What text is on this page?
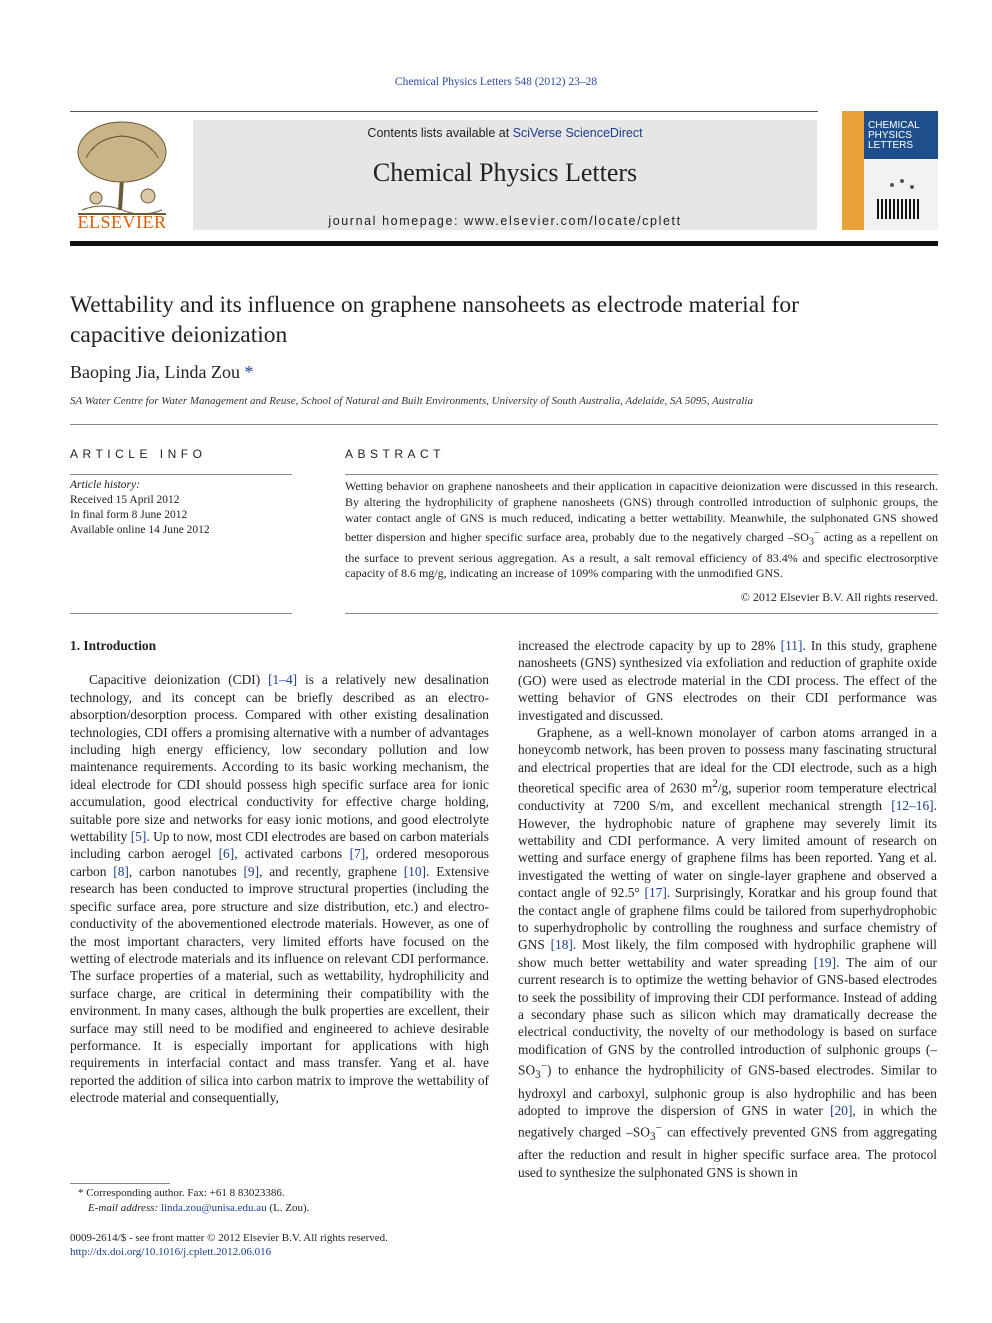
Chemical Physics Letters 548 (2012) 23–28
ELSEVIER
Contents lists available at SciVerse ScienceDirect
Chemical Physics Letters
journal homepage: www.elsevier.com/locate/cplett
CHEMICAL
PHYSICS
LETTERS
Wettability and its influence on graphene nansoheets as electrode material for capacitive deionization
Baoping Jia, Linda Zou *
SA Water Centre for Water Management and Reuse, School of Natural and Built Environments, University of South Australia, Adelaide, SA 5095, Australia
ARTICLE INFO
Article history:
Received 15 April 2012
In final form 8 June 2012
Available online 14 June 2012
ABSTRACT
Wetting behavior on graphene nanosheets and their application in capacitive deionization were discussed in this research. By altering the hydrophilicity of graphene nanosheets (GNS) through controlled introduction of sulphonic groups, the water contact angle of GNS is much reduced, indicating a better wettability. Meanwhile, the sulphonated GNS showed better dispersion and higher specific surface area, probably due to the negatively charged $-SO_3^-$ acting as a repellent on the surface to prevent serious aggregation. As a result, a salt removal efficiency of 83.4% and specific electrosorptive capacity of 8.6 mg/g, indicating an increase of 109% comparing with the unmodified GNS.
© 2012 Elsevier B.V. All rights reserved.
1. Introduction

Capacitive deionization (CDI) [1–4] is a relatively new desalination technology, and its concept can be briefly described as an electro-absorption/desorption process. Compared with other existing desalination technologies, CDI offers a promising alternative with a number of advantages including high energy efficiency, low secondary pollution and low maintenance requirements. According to its basic working mechanism, the ideal electrode for CDI should possess high specific surface area for ionic accumulation, good electrical conductivity for effective charge holding, suitable pore size and networks for easy ionic motions, and good electrolyte wettability [5]. Up to now, most CDI electrodes are based on carbon materials including carbon aerogel [6], activated carbons [7], ordered mesoporous carbon [8], carbon nanotubes [9], and recently, graphene [10]. Extensive research has been conducted to improve structural properties (including the specific surface area, pore structure and size distribution, etc.) and electro-conductivity of the abovementioned electrode materials. However, as one of the most important characters, very limited efforts have focused on the wetting of electrode materials and its influence on relevant CDI performance. The surface properties of a material, such as wettability, hydrophilicity and surface charge, are critical in determining their compatibility with the environment. In many cases, although the bulk properties are excellent, their surface may still need to be modified and engineered to achieve desirable performance. It is especially important for applications with high requirements in interfacial contact and mass transfer. Yang et al. have reported the addition of silica into carbon matrix to improve the wettability of electrode material and consequentially,

increased the electrode capacity by up to 28% [11]. In this study, graphene nanosheets (GNS) synthesized via exfoliation and reduction of graphite oxide (GO) were used as electrode material in the CDI process. The effect of the wetting behavior of GNS electrodes on their CDI performance was investigated and discussed.

Graphene, as a well-known monolayer of carbon atoms arranged in a honeycomb network, has been proven to possess many fascinating structural and electrical properties that are ideal for the CDI electrode, such as a high theoretical specific area of 2630 $m^2/g$, superior room temperature electrical conductivity at 7200 S/m, and excellent mechanical strength [12–16]. However, the hydrophobic nature of graphene may severely limit its wettability and CDI performance. A very limited amount of research on wetting and surface energy of graphene films has been reported. Yang et al. investigated the wetting of water on single-layer graphene and observed a contact angle of 92.5° [17]. Surprisingly, Koratkar and his group found that the contact angle of graphene films could be tailored from superhydrophobic to superhydropholic by controlling the roughness and surface chemistry of GNS [18]. Most likely, the film composed with hydrophilic graphene will show much better wettability and water spreading [19]. The aim of our current research is to optimize the wetting behavior of GNS-based electrodes to seek the possibility of improving their CDI performance. Instead of adding a secondary phase such as silicon which may dramatically decrease the electrical conductivity, the novelty of our methodology is based on surface modification of GNS by the controlled introduction of sulphonic groups $(-SO_3^-)$ to enhance the hydrophilicity of GNS-based electrodes. Similar to hydroxyl and carboxyl, sulphonic group is also hydrophilic and has been adopted to improve the dispersion of GNS in water [20], in which the negatively charged $-SO_3^-$ can effectively prevented GNS from aggregating after the reduction and result in higher specific surface area. The protocol used to synthesize the sulphonated GNS is shown in

* Corresponding author. Fax: +61 8 83023386.
E-mail address: linda.zou@unisa.edu.au (L. Zou).
0009-2614/$ - see front matter © 2012 Elsevier B.V. All rights reserved.
http://dx.doi.org/10.1016/j.cplett.2012.06.016
